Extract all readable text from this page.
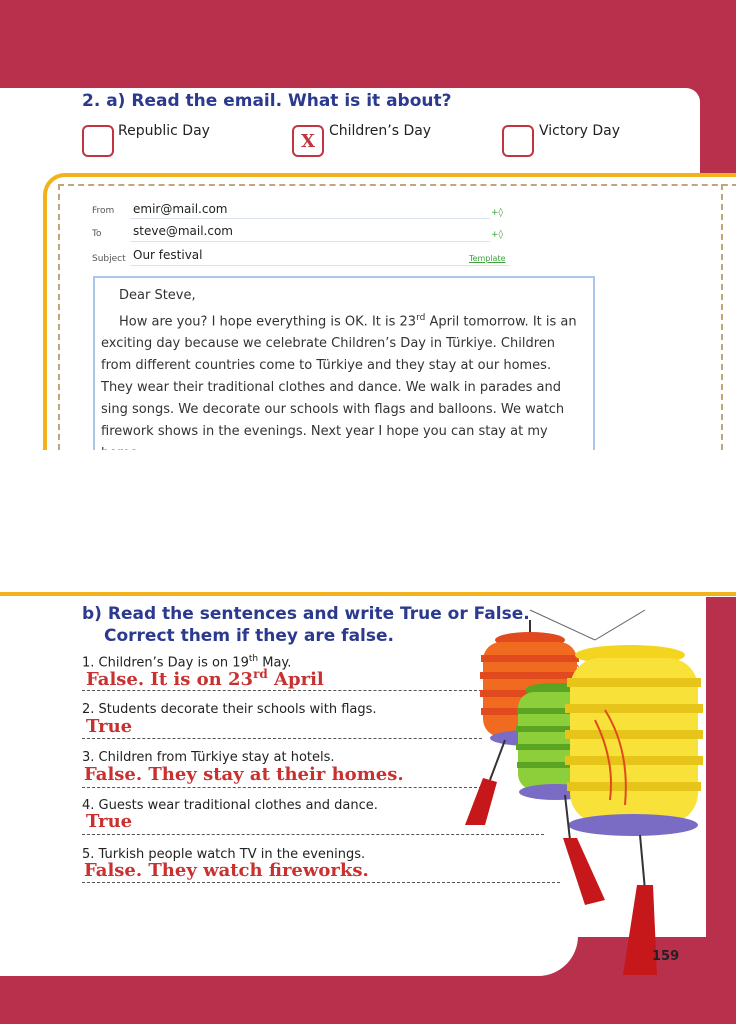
2. a) Read the email. What is it about?
Republic Day	X	Children’s Day	Victory Day
From emir@mail.com	+◊
To	steve@mail.com	+◊
Subject Our festival	Template

Dear Steve,

How are you? I hope everything is OK. It is 23rd April tomorrow. It is an exciting day because we celebrate Children’s Day in Türkiye. Children from different countries come to Türkiye and they stay at our homes. They wear their traditional clothes and dance. We walk in parades and sing songs. We decorate our schools with flags and balloons. We watch firework shows in the evenings. Next year I hope you can stay at my

b) Read the sentences and write True or False.
Correct them if they are false.

1. Children’s Day is on 19th May.

False. It is on 23rd April

2. Students decorate their schools with flags.

True

3. Children from Türkiye stay at hotels.

False. They stay at their homes.

4. Guests wear traditional clothes and dance.

True

5. Turkish people watch TV in the evenings.

False. They watch fireworks.

159
